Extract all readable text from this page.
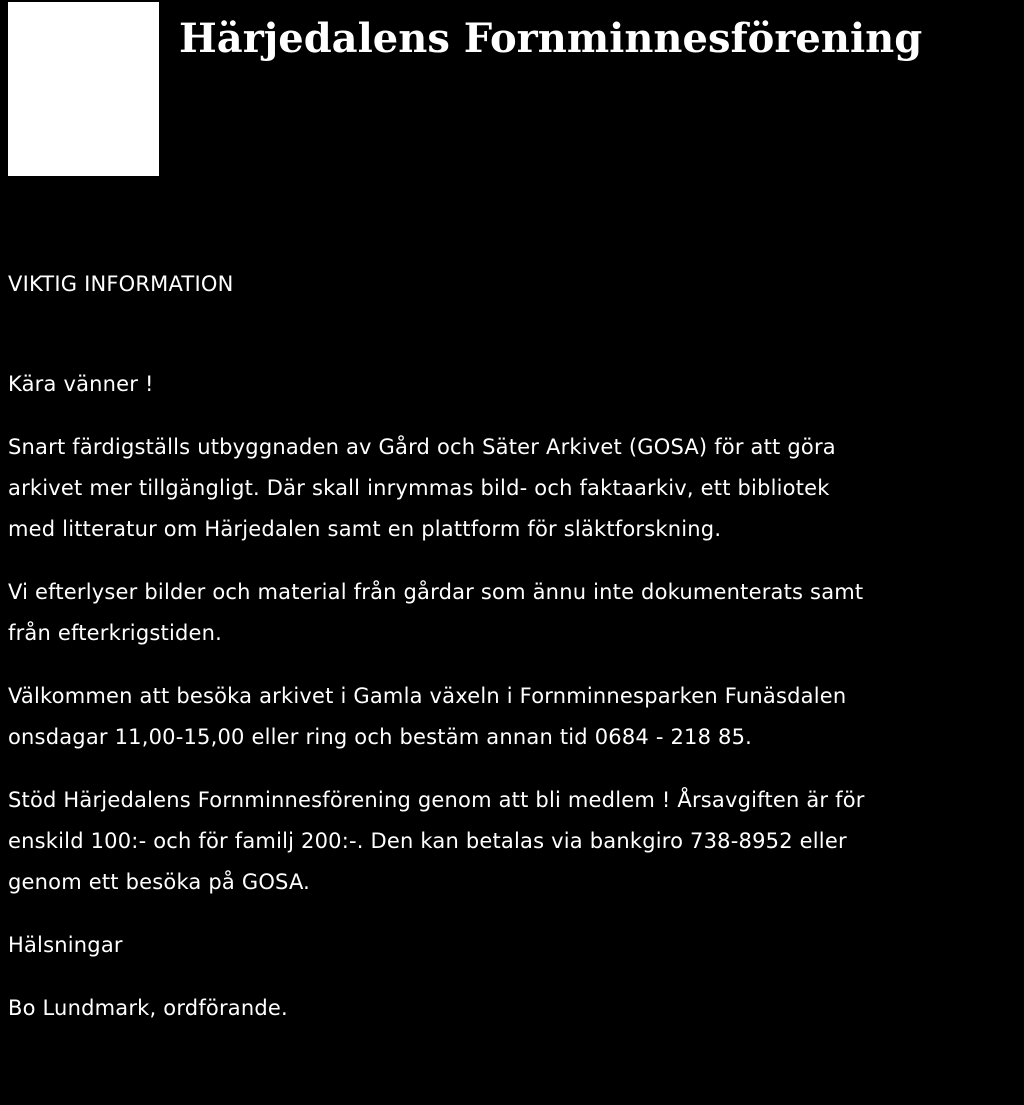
Härjedalens Fornminnesförening
VIKTIG INFORMATION
Kära vänner !
Snart färdigställs utbyggnaden av Gård och Säter Arkivet (GOSA) för att göra
arkivet mer tillgängligt. Där skall inrymmas bild- och faktaarkiv, ett bibliotek
med litteratur om Härjedalen samt en plattform för släktforskning.
Vi efterlyser bilder och material från gårdar som ännu inte dokumenterats samt
från efterkrigstiden.
Välkommen att besöka arkivet i Gamla växeln i Fornminnesparken Funäsdalen
onsdagar 11,00-15,00 eller ring och bestäm annan tid 0684 - 218 85.
Stöd Härjedalens Fornminnesförening genom att bli medlem ! Årsavgiften är för
enskild 100:- och för familj 200:-. Den kan betalas via bankgiro 738-8952 eller
genom ett besöka på GOSA.
Hälsningar
Bo Lundmark, ordförande.
